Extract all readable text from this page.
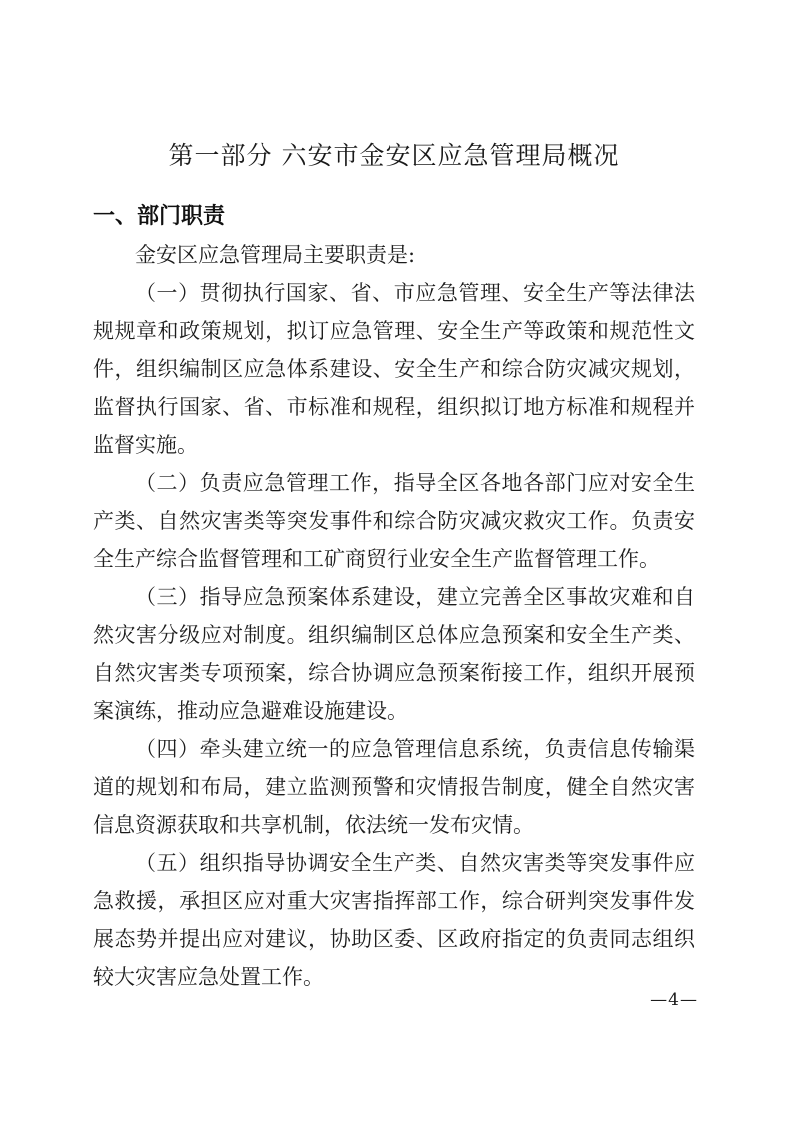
第一部分 六安市金安区应急管理局概况
一、部门职责

金安区应急管理局主要职责是:

（一）贯彻执行国家、省、市应急管理、安全生产等法律法规规章和政策规划，拟订应急管理、安全生产等政策和规范性文件，组织编制区应急体系建设、安全生产和综合防灾减灾规划，监督执行国家、省、市标准和规程，组织拟订地方标准和规程并监督实施。

（二）负责应急管理工作，指导全区各地各部门应对安全生产类、自然灾害类等突发事件和综合防灾减灾救灾工作。负责安全生产综合监督管理和工矿商贸行业安全生产监督管理工作。

（三）指导应急预案体系建设，建立完善全区事故灾难和自然灾害分级应对制度。组织编制区总体应急预案和安全生产类、自然灾害类专项预案，综合协调应急预案衔接工作，组织开展预案演练，推动应急避难设施建设。

（四）牵头建立统一的应急管理信息系统，负责信息传输渠道的规划和布局，建立监测预警和灾情报告制度，健全自然灾害信息资源获取和共享机制，依法统一发布灾情。

（五）组织指导协调安全生产类、自然灾害类等突发事件应急救援，承担区应对重大灾害指挥部工作，综合研判突发事件发展态势并提出应对建议，协助区委、区政府指定的负责同志组织较大灾害应急处置工作。

—4—
